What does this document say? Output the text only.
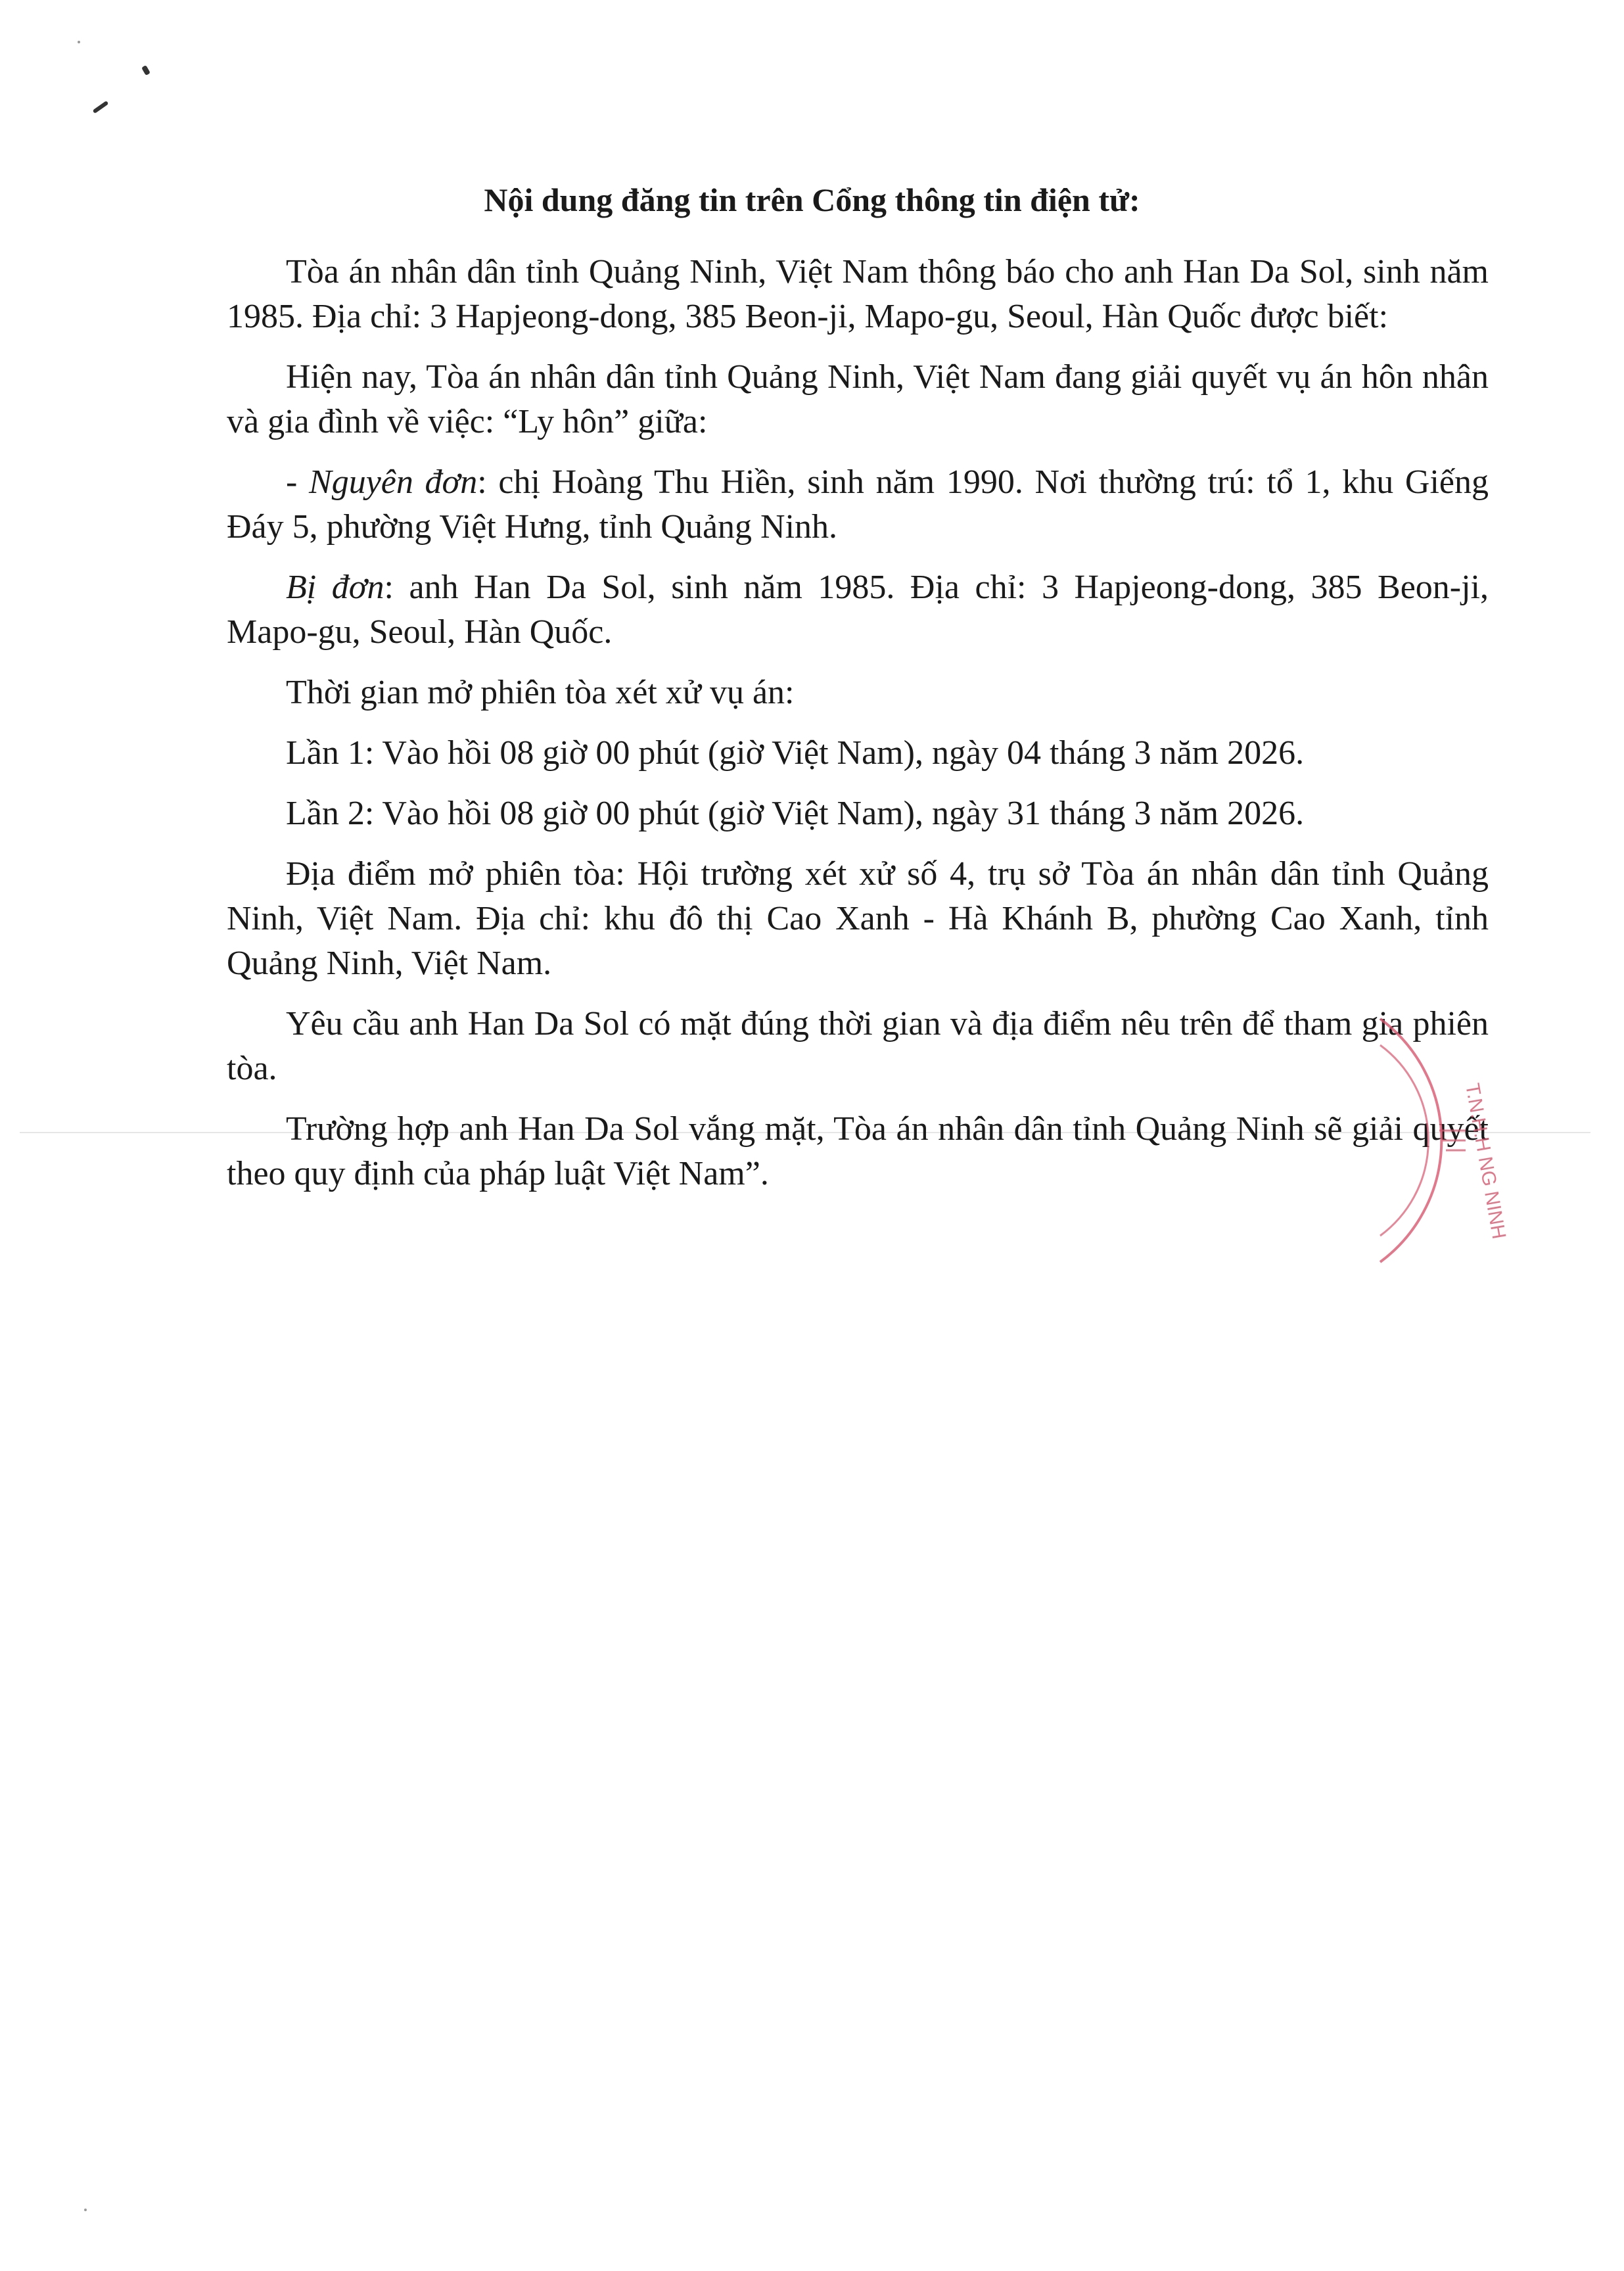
Nội dung đăng tin trên Cổng thông tin điện tử:

Tòa án nhân dân tỉnh Quảng Ninh, Việt Nam thông báo cho anh Han Da Sol, sinh năm 1985. Địa chỉ: 3 Hapjeong-dong, 385 Beon-ji, Mapo-gu, Seoul, Hàn Quốc được biết:

Hiện nay, Tòa án nhân dân tỉnh Quảng Ninh, Việt Nam đang giải quyết vụ án hôn nhân và gia đình về việc: “Ly hôn” giữa:

- Nguyên đơn: chị Hoàng Thu Hiền, sinh năm 1990. Nơi thường trú: tổ 1, khu Giếng Đáy 5, phường Việt Hưng, tỉnh Quảng Ninh.

Bị đơn: anh Han Da Sol, sinh năm 1985. Địa chỉ: 3 Hapjeong-dong, 385 Beon-ji, Mapo-gu, Seoul, Hàn Quốc.

Thời gian mở phiên tòa xét xử vụ án:

Lần 1: Vào hồi 08 giờ 00 phút (giờ Việt Nam), ngày 04 tháng 3 năm 2026.

Lần 2: Vào hồi 08 giờ 00 phút (giờ Việt Nam), ngày 31 tháng 3 năm 2026.

Địa điểm mở phiên tòa: Hội trường xét xử số 4, trụ sở Tòa án nhân dân tỉnh Quảng Ninh, Việt Nam. Địa chỉ: khu đô thị Cao Xanh - Hà Khánh B, phường Cao Xanh, tỉnh Quảng Ninh, Việt Nam.

Yêu cầu anh Han Da Sol có mặt đúng thời gian và địa điểm nêu trên để tham gia phiên tòa.

Trường hợp anh Han Da Sol vắng mặt, Tòa án nhân dân tỉnh Quảng Ninh sẽ giải quyết theo quy định của pháp luật Việt Nam”.	T.N.H.H NG NINH
